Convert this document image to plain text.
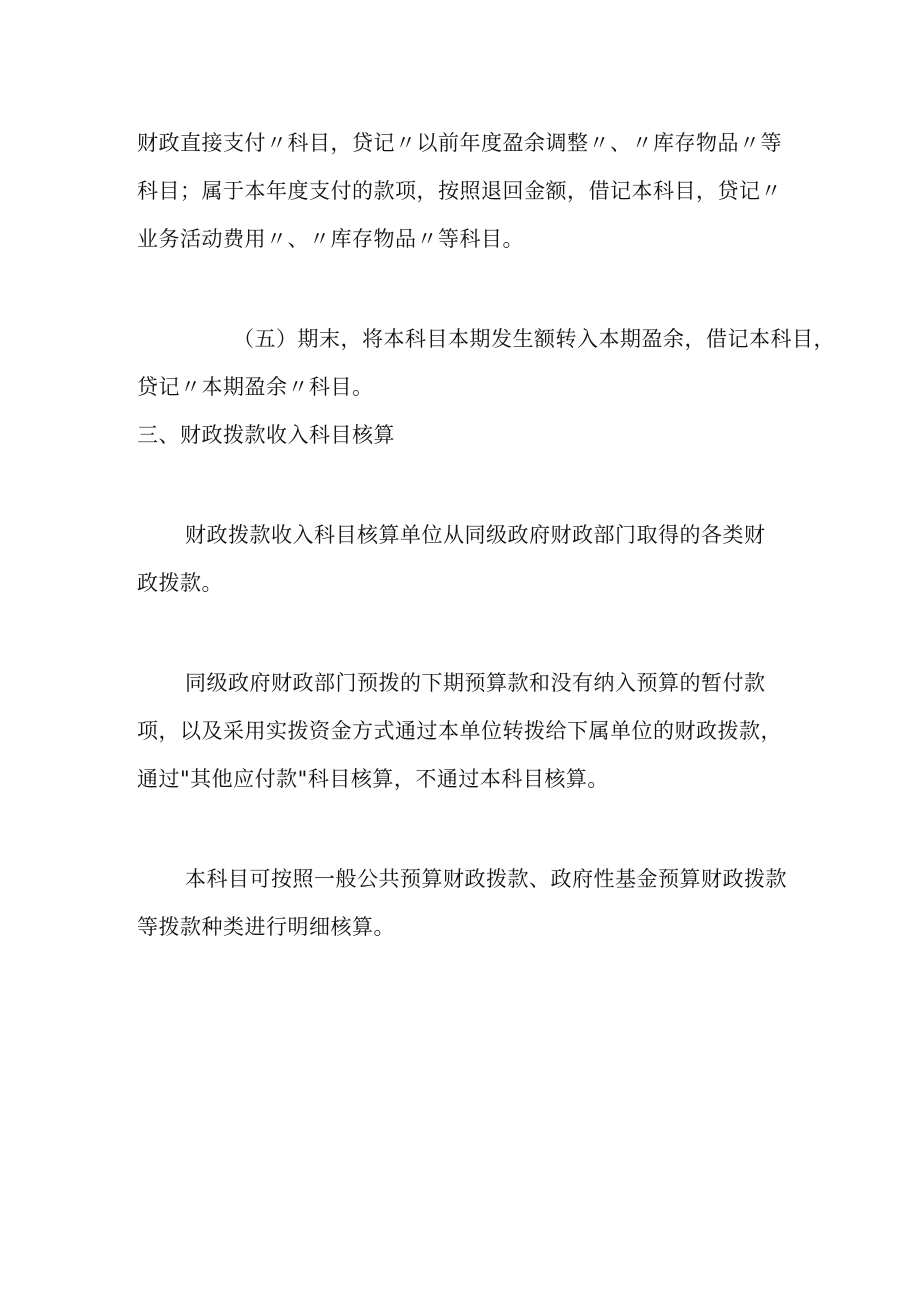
财政直接支付〃科目，贷记〃以前年度盈余调整〃、〃库存物品〃等
科目；属于本年度支付的款项，按照退回金额，借记本科目，贷记〃
业务活动费用〃、〃库存物品〃等科目。

（五）期末，将本科目本期发生额转入本期盈余，借记本科目，
贷记〃本期盈余〃科目。

三、财政拨款收入科目核算

财政拨款收入科目核算单位从同级政府财政部门取得的各类财
政拨款。

同级政府财政部门预拨的下期预算款和没有纳入预算的暂付款
项，以及采用实拨资金方式通过本单位转拨给下属单位的财政拨款，
通过"其他应付款"科目核算，不通过本科目核算。

本科目可按照一般公共预算财政拨款、政府性基金预算财政拨款
等拨款种类进行明细核算。
